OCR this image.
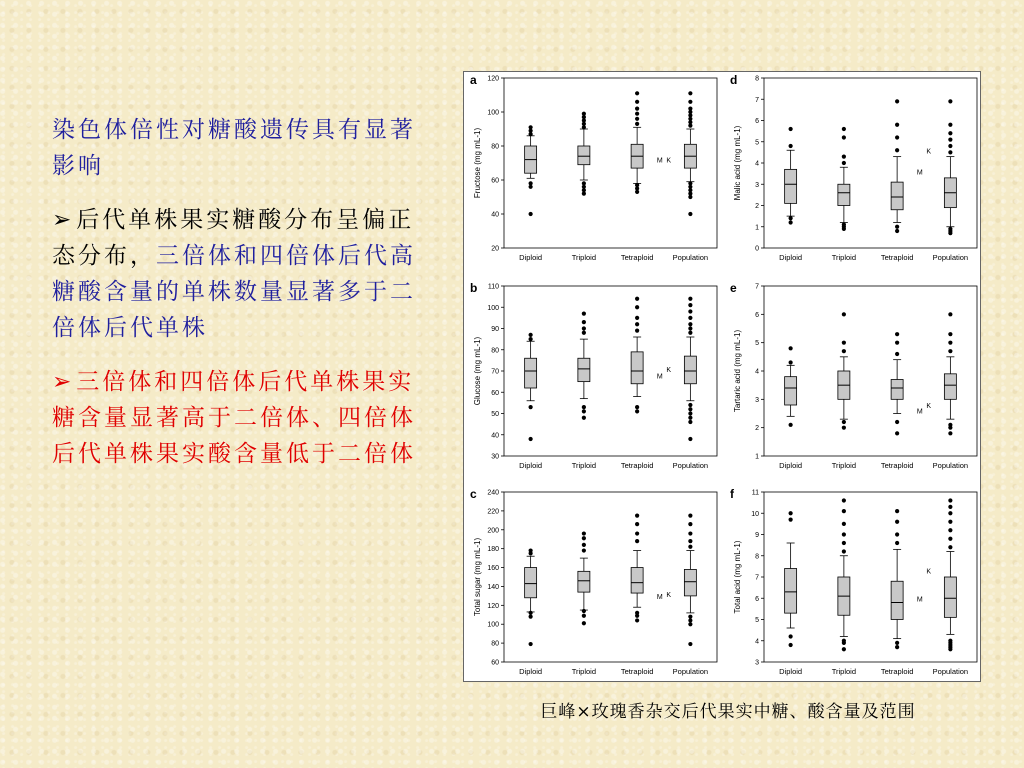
染色体倍性对糖酸遗传具有显著影响

➢后代单株果实糖酸分布呈偏正态分布，三倍体和四倍体后代高糖酸含量的单株数量显著多于二倍体后代单株

➢三倍体和四倍体后代单株果实糖含量显著高于二倍体、四倍体后代单株果实酸含量低于二倍体

a
20
40
60
80
100
120
Fructose (mg mL-1)
Diploid	Triploid	Tetraploid	Population
M K
d
0
1
2
3
4
5
6
7
8
Malic acid (mg mL-1)
Diploid	Triploid	Tetraploid	Population
M
K
b
30
40
50
60
70
80
90
100
110
Glucose (mg mL-1)
Diploid	Triploid	Tetraploid	Population
M
K
e
1
2
3
4
5
6
7
Tartaric acid (mg mL-1)
Diploid	Triploid	Tetraploid	Population
M
K
c
60
80
100
120
140
160
180
200
220
240
Total sugar (mg mL-1)
Diploid	Triploid	Tetraploid	Population
M K
f
3
4
5
6
7
8
9
10
11
Total acid (mg mL-1)
Diploid	Triploid	Tetraploid	Population
M
K
巨峰×玫瑰香杂交后代果实中糖、酸含量及范围
